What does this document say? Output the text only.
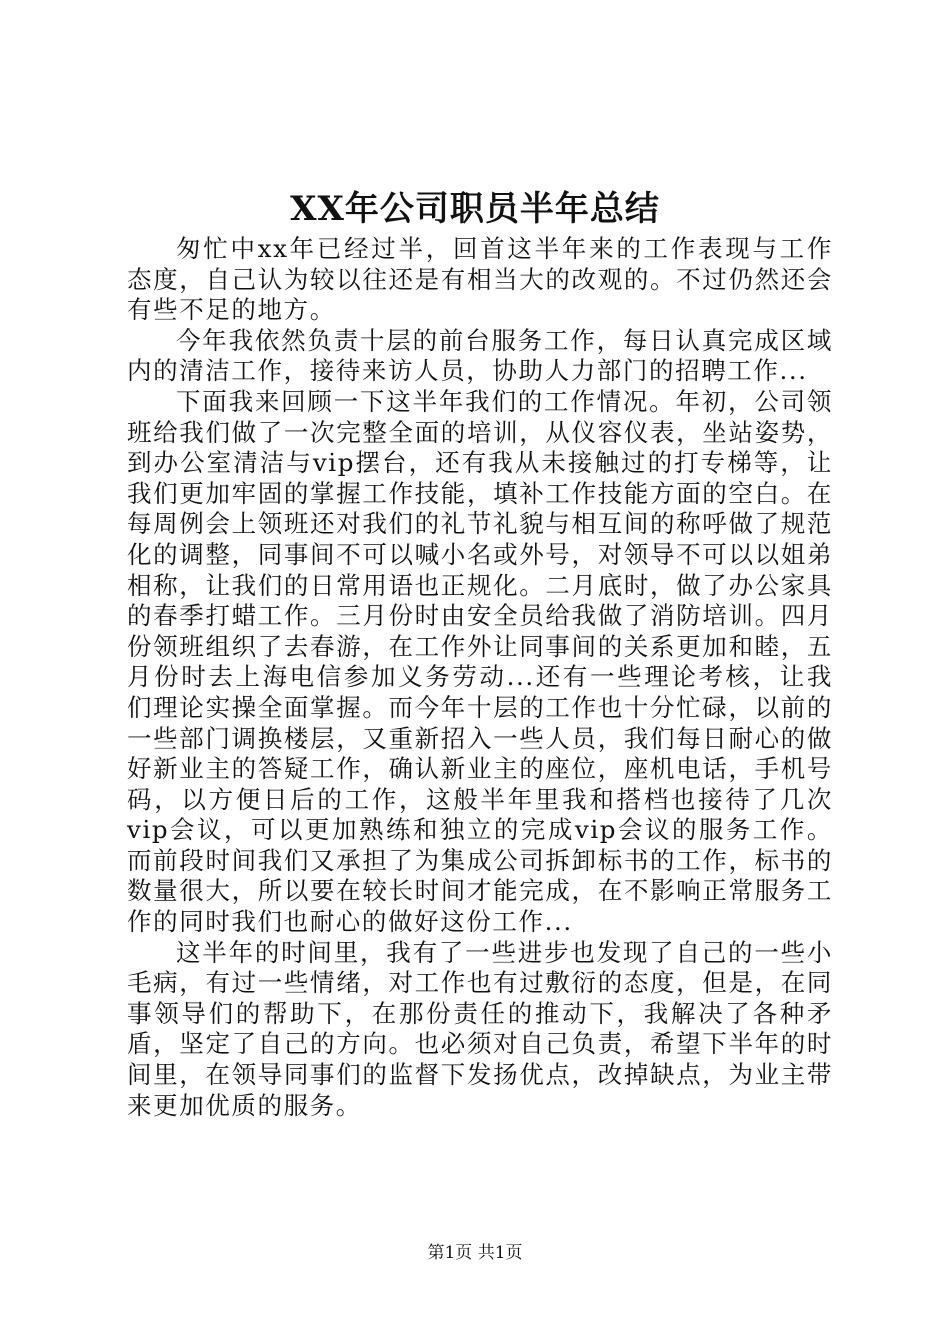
XX年公司职员半年总结

匆忙中xx年已经过半，回首这半年来的工作表现与工作态度，自己认为较以往还是有相当大的改观的。不过仍然还会有些不足的地方。

今年我依然负责十层的前台服务工作，每日认真完成区域内的清洁工作，接待来访人员，协助人力部门的招聘工作...

下面我来回顾一下这半年我们的工作情况。年初，公司领班给我们做了一次完整全面的培训，从仪容仪表，坐站姿势，到办公室清洁与vip摆台，还有我从未接触过的打专梯等，让我们更加牢固的掌握工作技能，填补工作技能方面的空白。在每周例会上领班还对我们的礼节礼貌与相互间的称呼做了规范化的调整，同事间不可以喊小名或外号，对领导不可以以姐弟相称，让我们的日常用语也正规化。二月底时，做了办公家具的春季打蜡工作。三月份时由安全员给我做了消防培训。四月份领班组织了去春游，在工作外让同事间的关系更加和睦，五月份时去上海电信参加义务劳动...还有一些理论考核，让我们理论实操全面掌握。而今年十层的工作也十分忙碌，以前的一些部门调换楼层，又重新招入一些人员，我们每日耐心的做好新业主的答疑工作，确认新业主的座位，座机电话，手机号码，以方便日后的工作，这般半年里我和搭档也接待了几次vip会议，可以更加熟练和独立的完成vip会议的服务工作。而前段时间我们又承担了为集成公司拆卸标书的工作，标书的数量很大，所以要在较长时间才能完成，在不影响正常服务工作的同时我们也耐心的做好这份工作...

这半年的时间里，我有了一些进步也发现了自己的一些小毛病，有过一些情绪，对工作也有过敷衍的态度，但是，在同事领导们的帮助下，在那份责任的推动下，我解决了各种矛盾，坚定了自己的方向。也必须对自己负责，希望下半年的时间里，在领导同事们的监督下发扬优点，改掉缺点，为业主带来更加优质的服务。

第1页 共1页
